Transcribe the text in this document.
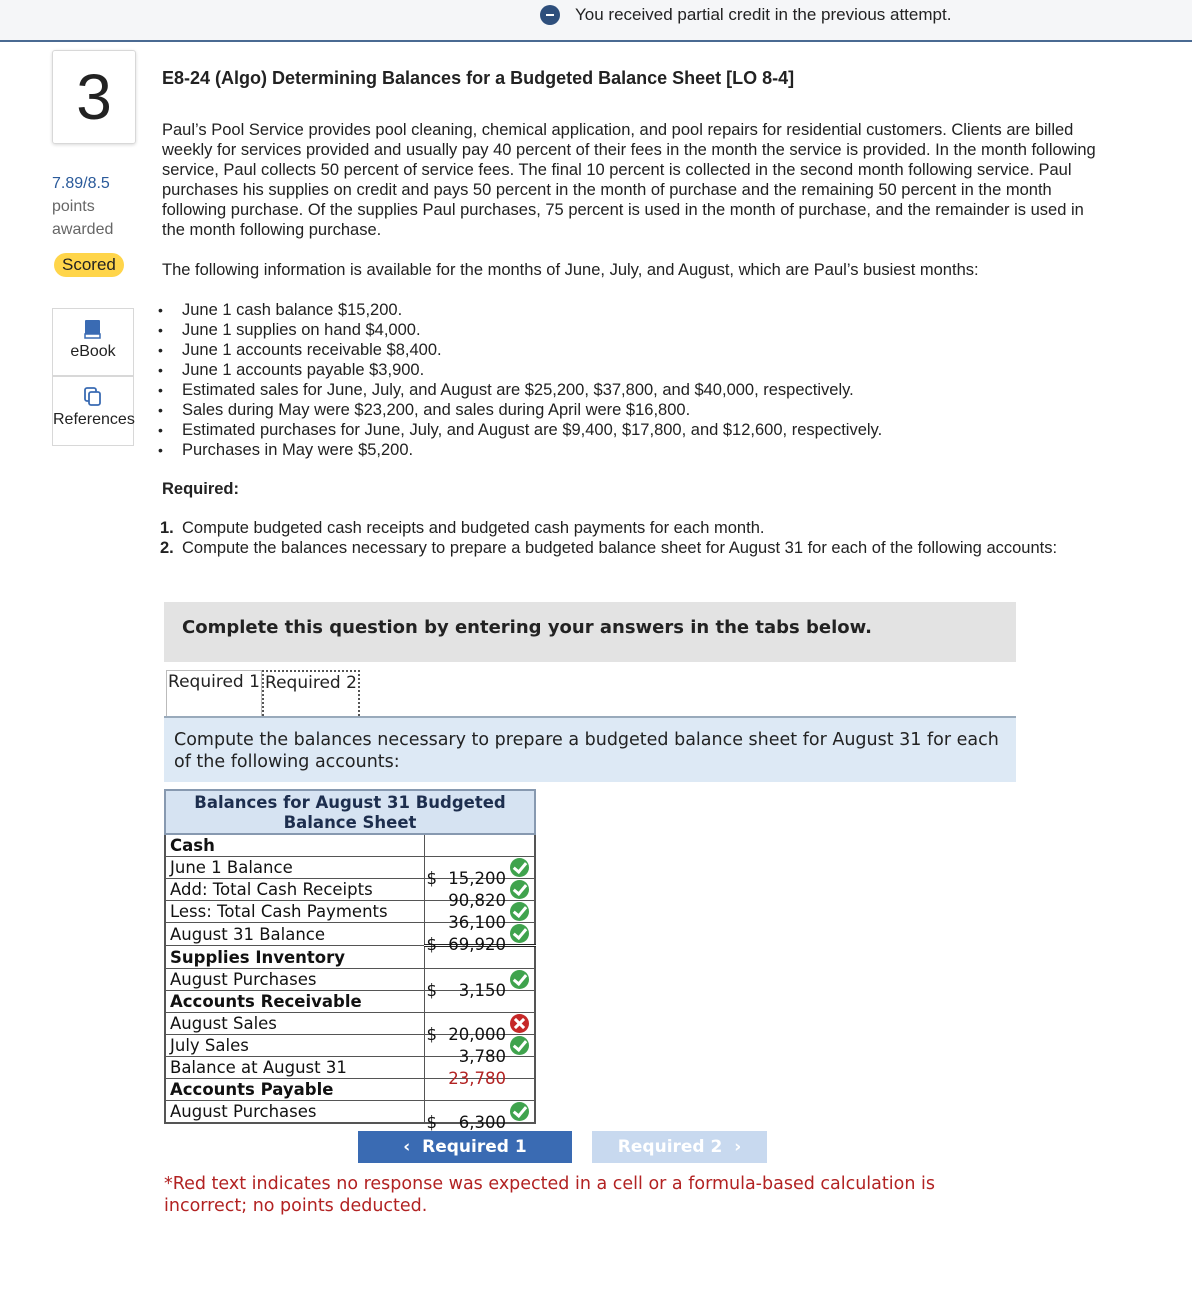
You received partial credit in the previous attempt.
3
7.89/8.5
points
awarded
Scored
eBook
References
E8-24 (Algo) Determining Balances for a Budgeted Balance Sheet [LO 8-4]
Paul’s Pool Service provides pool cleaning, chemical application, and pool repairs for residential customers. Clients are billed weekly for services provided and usually pay 40 percent of their fees in the month the service is provided. In the month following service, Paul collects 50 percent of service fees. The final 10 percent is collected in the second month following service. Paul purchases his supplies on credit and pays 50 percent in the month of purchase and the remaining 50 percent in the month following purchase. Of the supplies Paul purchases, 75 percent is used in the month of purchase, and the remainder is used in the month following purchase.
The following information is available for the months of June, July, and August, which are Paul’s busiest months:
• June 1 cash balance $15,200.
• June 1 supplies on hand $4,000.
• June 1 accounts receivable $8,400.
• June 1 accounts payable $3,900.
• Estimated sales for June, July, and August are $25,200, $37,800, and $40,000, respectively.
• Sales during May were $23,200, and sales during April were $16,800.
• Estimated purchases for June, July, and August are $9,400, $17,800, and $12,600, respectively.
• Purchases in May were $5,200.
Required:
1. Compute budgeted cash receipts and budgeted cash payments for each month.
2. Compute the balances necessary to prepare a budgeted balance sheet for August 31 for each of the following accounts:
Complete this question by entering your answers in the tabs below.
Required 1 Required 2
Compute the balances necessary to prepare a budgeted balance sheet for August 31 for each of the following accounts:
Balances for August 31 Budgeted Balance Sheet	
Cash	
June 1 Balance	$ 15,200

Add: Total Cash Receipts	90,820

Less: Total Cash Payments	36,100

August 31 Balance	$ 69,920

Supplies Inventory	
August Purchases	$ 3,150

Accounts Receivable	
August Sales	$ 20,000

July Sales	3,780

Balance at August 31	23,780

Accounts Payable	
August Purchases	$ 6,300
‹  Required 1	Required 2  ›
*Red text indicates no response was expected in a cell or a formula-based calculation is incorrect; no points deducted.
